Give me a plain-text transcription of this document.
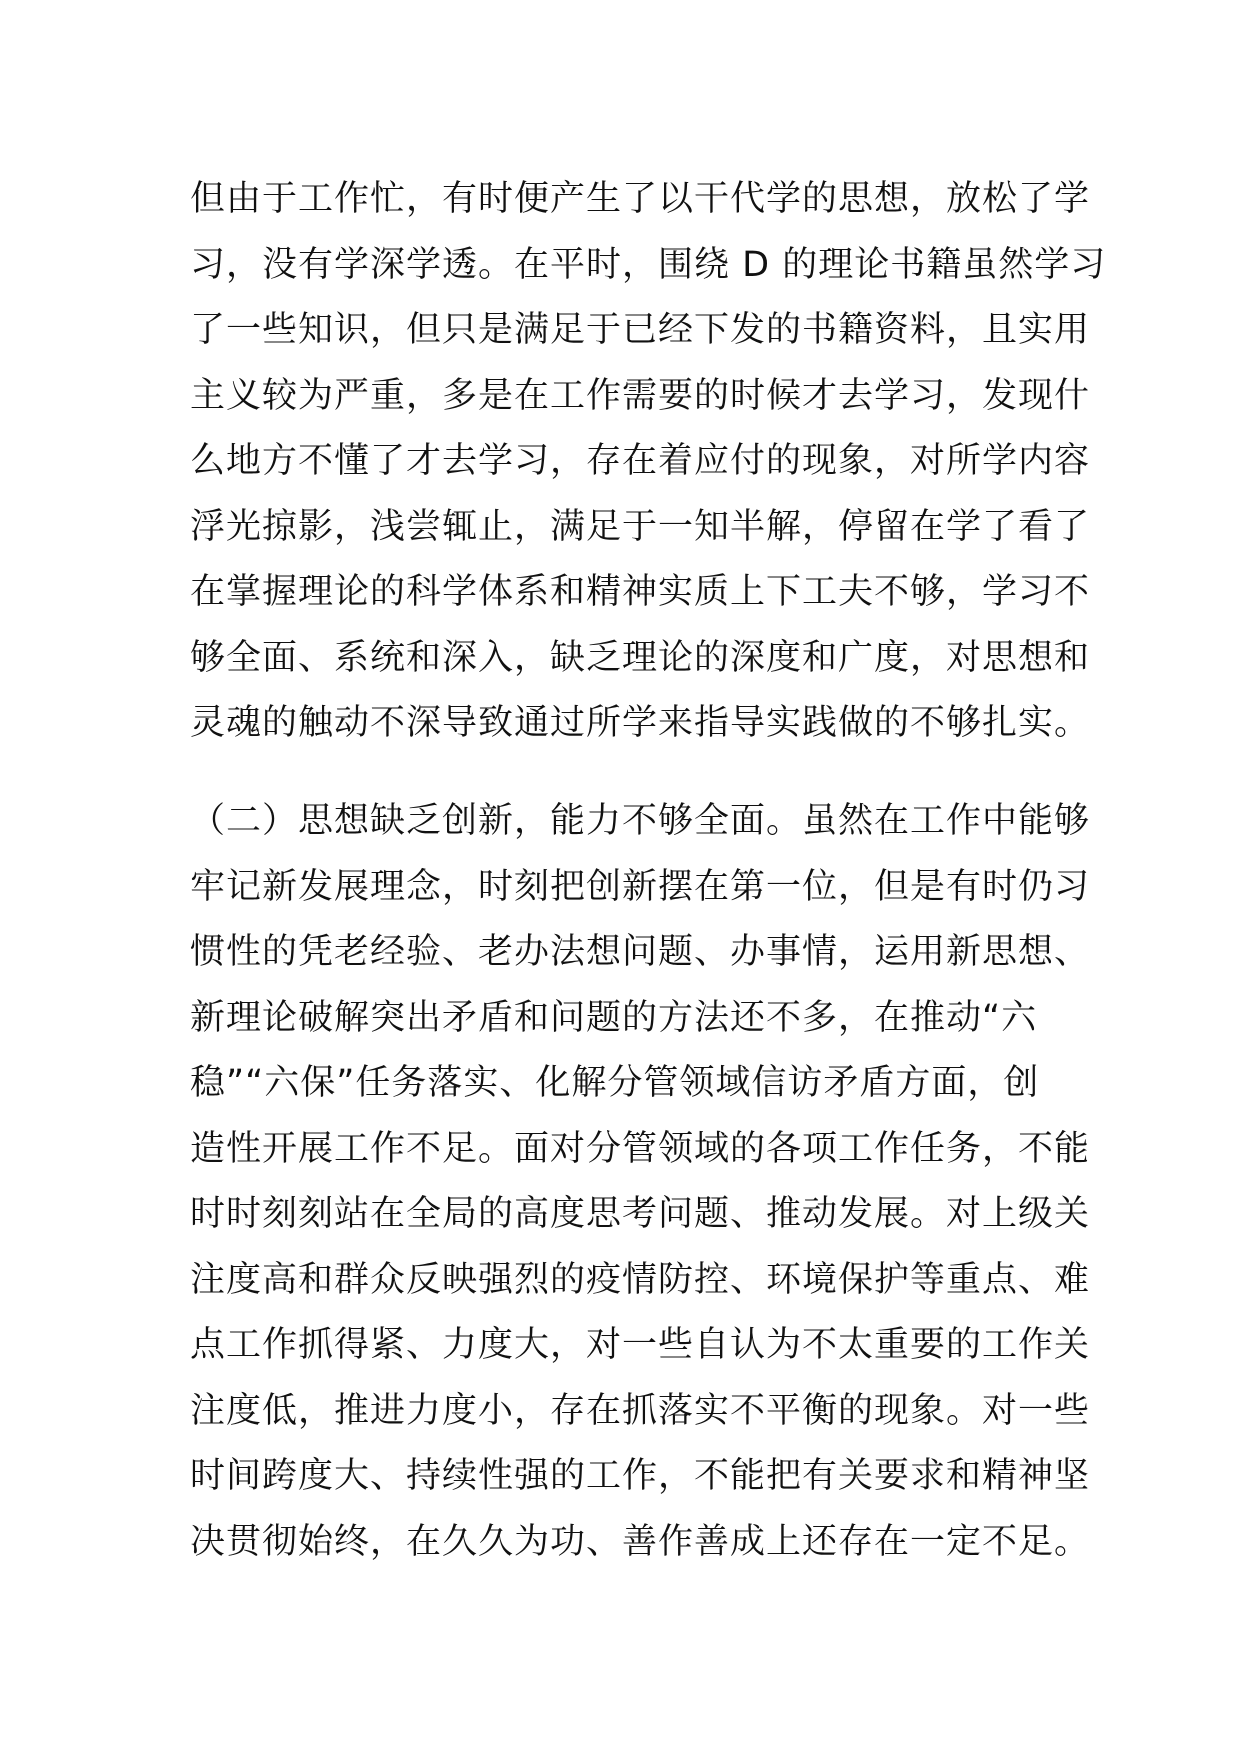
但由于工作忙，有时便产生了以干代学的思想，放松了学
习，没有学深学透。在平时，围绕 D 的理论书籍虽然学习
了一些知识，但只是满足于已经下发的书籍资料，且实用
主义较为严重，多是在工作需要的时候才去学习，发现什
么地方不懂了才去学习，存在着应付的现象，对所学内容
浮光掠影，浅尝辄止，满足于一知半解，停留在学了看了
在掌握理论的科学体系和精神实质上下工夫不够，学习不
够全面、系统和深入，缺乏理论的深度和广度，对思想和
灵魂的触动不深导致通过所学来指导实践做的不够扎实。
（二）思想缺乏创新，能力不够全面。虽然在工作中能够
牢记新发展理念，时刻把创新摆在第一位，但是有时仍习
惯性的凭老经验、老办法想问题、办事情，运用新思想、
新理论破解突出矛盾和问题的方法还不多，在推动“六
稳”“六保”任务落实、化解分管领域信访矛盾方面，创
造性开展工作不足。面对分管领域的各项工作任务，不能
时时刻刻站在全局的高度思考问题、推动发展。对上级关
注度高和群众反映强烈的疫情防控、环境保护等重点、难
点工作抓得紧、力度大，对一些自认为不太重要的工作关
注度低，推进力度小，存在抓落实不平衡的现象。对一些
时间跨度大、持续性强的工作，不能把有关要求和精神坚
决贯彻始终，在久久为功、善作善成上还存在一定不足。
